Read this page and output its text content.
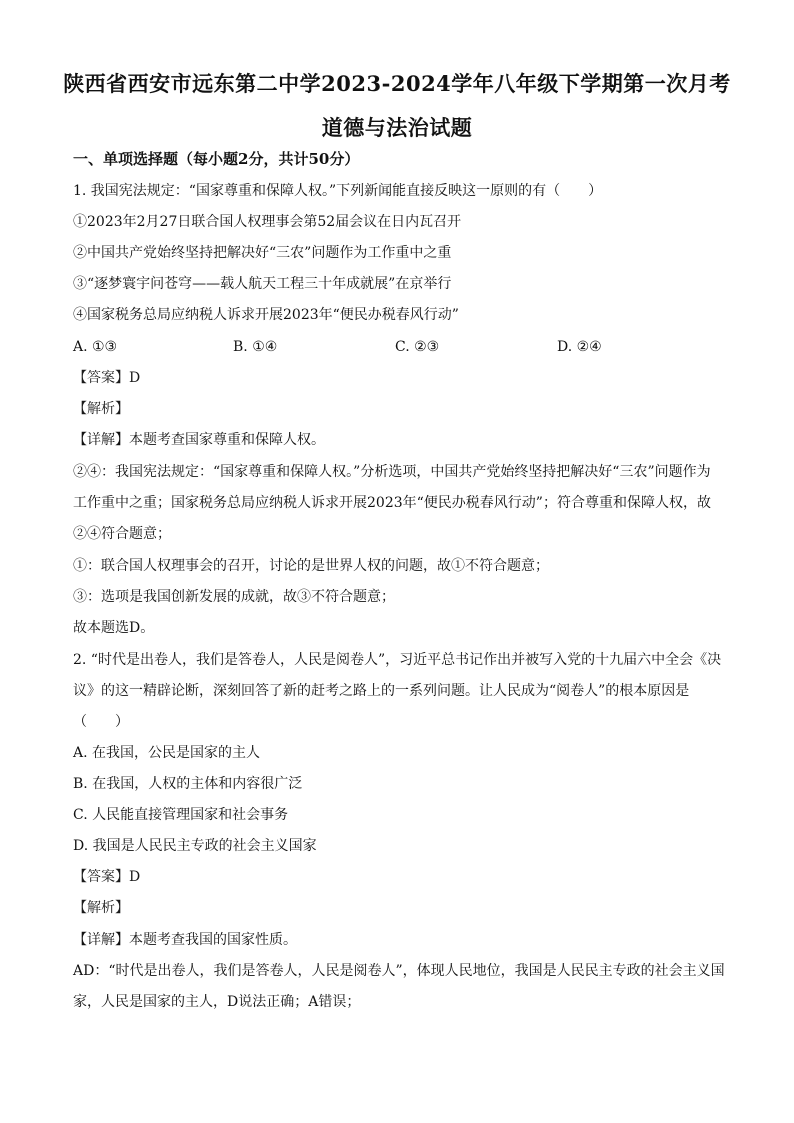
陕西省西安市远东第二中学2023-2024学年八年级下学期第一次月考
道德与法治试题
一、单项选择题（每小题2分，共计50分）
1. 我国宪法规定：“国家尊重和保障人权。”下列新闻能直接反映这一原则的有（　　）
①2023年2月27日联合国人权理事会第52届会议在日内瓦召开
②中国共产党始终坚持把解决好“三农”问题作为工作重中之重
③“逐梦寰宇问苍穹——载人航天工程三十年成就展”在京举行
④国家税务总局应纳税人诉求开展2023年“便民办税春风行动”
A. ①③	B. ①④	C. ②③	D. ②④
【答案】D
【解析】
【详解】本题考查国家尊重和保障人权。
②④：我国宪法规定：“国家尊重和保障人权。”分析选项，中国共产党始终坚持把解决好“三农”问题作为
工作重中之重；国家税务总局应纳税人诉求开展2023年“便民办税春风行动”；符合尊重和保障人权，故
②④符合题意；
①：联合国人权理事会的召开，讨论的是世界人权的问题，故①不符合题意；
③：选项是我国创新发展的成就，故③不符合题意；
故本题选D。
2. “时代是出卷人，我们是答卷人，人民是阅卷人”，习近平总书记作出并被写入党的十九届六中全会《决
议》的这一精辟论断，深刻回答了新的赶考之路上的一系列问题。让人民成为“阅卷人”的根本原因是
（　　）
A. 在我国，公民是国家的主人
B. 在我国，人权的主体和内容很广泛
C. 人民能直接管理国家和社会事务
D. 我国是人民民主专政的社会主义国家
【答案】D
【解析】
【详解】本题考查我国的国家性质。
AD：“时代是出卷人，我们是答卷人，人民是阅卷人”，体现人民地位，我国是人民民主专政的社会主义国
家，人民是国家的主人，D说法正确；A错误；
